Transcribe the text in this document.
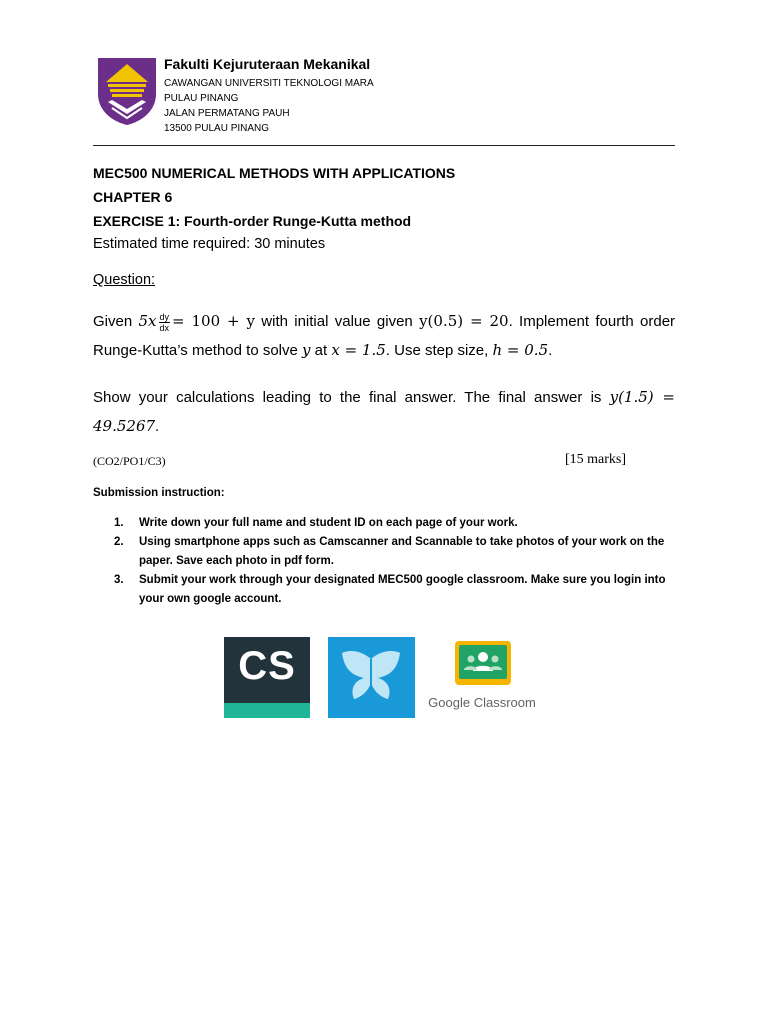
Fakulti Kejuruteraan Mekanikal
CAWANGAN UNIVERSITI TEKNOLOGI MARA
PULAU PINANG
JALAN PERMATANG PAUH
13500 PULAU PINANG
MEC500 NUMERICAL METHODS WITH APPLICATIONS
CHAPTER 6
EXERCISE 1: Fourth-order Runge-Kutta method
Estimated time required: 30 minutes
Question:
Given $5x \frac{dy}{dx} = 100 + y$ with initial value given y(0.5) = 20. Implement fourth order Runge-Kutta’s method to solve y at x = 1.5. Use step size, h = 0.5.
Show your calculations leading to the final answer. The final answer is y(1.5) = 49.5267.
(CO2/PO1/C3)	[15 marks]
Submission instruction:
1. Write down your full name and student ID on each page of your work.
2. Using smartphone apps such as Camscanner and Scannable to take photos of your work on the paper. Save each photo in pdf form.
3. Submit your work through your designated MEC500 google classroom. Make sure you login into your own google account.
CS
Google Classroom
